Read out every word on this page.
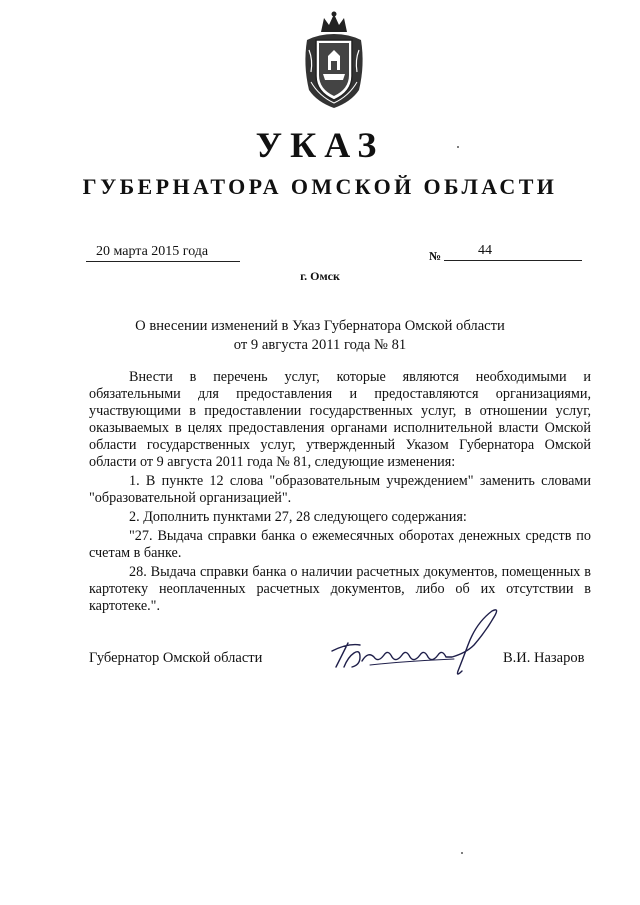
УКАЗ
ГУБЕРНАТОРА ОМСКОЙ ОБЛАСТИ
20 марта 2015 года	№	44
г. Омск
О внесении изменений в Указ Губернатора Омской области
от 9 августа 2011 года № 81

Внести в перечень услуг, которые являются необходимыми и обязательными для предоставления и предоставляются организациями, участвующими в предоставлении государственных услуг, в отношении услуг, оказываемых в целях предоставления органами исполнительной власти Омской области государственных услуг, утвержденный Указом Губернатора Омской области от 9 августа 2011 года № 81, следующие изменения:

1. В пункте 12 слова "образовательным учреждением" заменить словами "образовательной организацией".

2. Дополнить пунктами 27, 28 следующего содержания:

"27. Выдача справки банка о ежемесячных оборотах денежных средств по счетам в банке.

28. Выдача справки банка о наличии расчетных документов, помещенных в картотеку неоплаченных расчетных документов, либо об их отсутствии в картотеке.".

Губернатор Омской области	В.И. Назаров
